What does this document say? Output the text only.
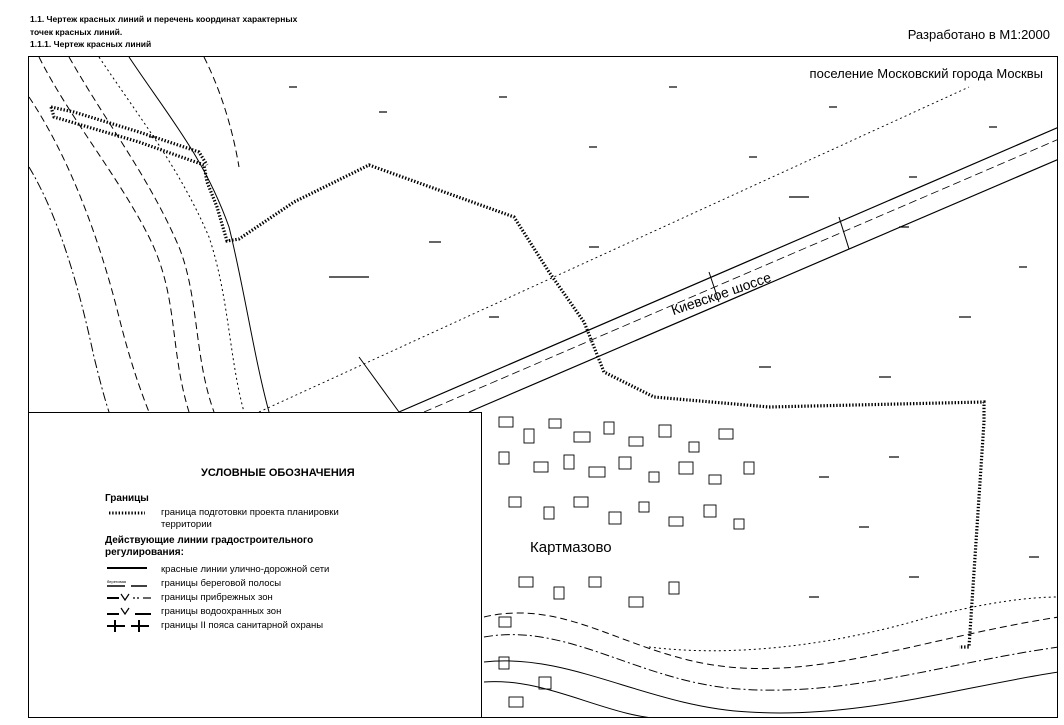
1.1. Чертеж красных линий и перечень координат характерных
точек красных линий.
1.1.1. Чертеж красных линий
Разработано в М1:2000
поселение Московский города Москвы
Киевское шоссе
Картмазово
УСЛОВНЫЕ ОБОЗНАЧЕНИЯ
Границы
граница подготовки проекта планировки территории
Действующие линии градостроительного регулирования:
красные линии улично-дорожной сети
береговая	границы береговой полосы
границы прибрежных зон
границы водоохранных зон
границы II пояса санитарной охраны
